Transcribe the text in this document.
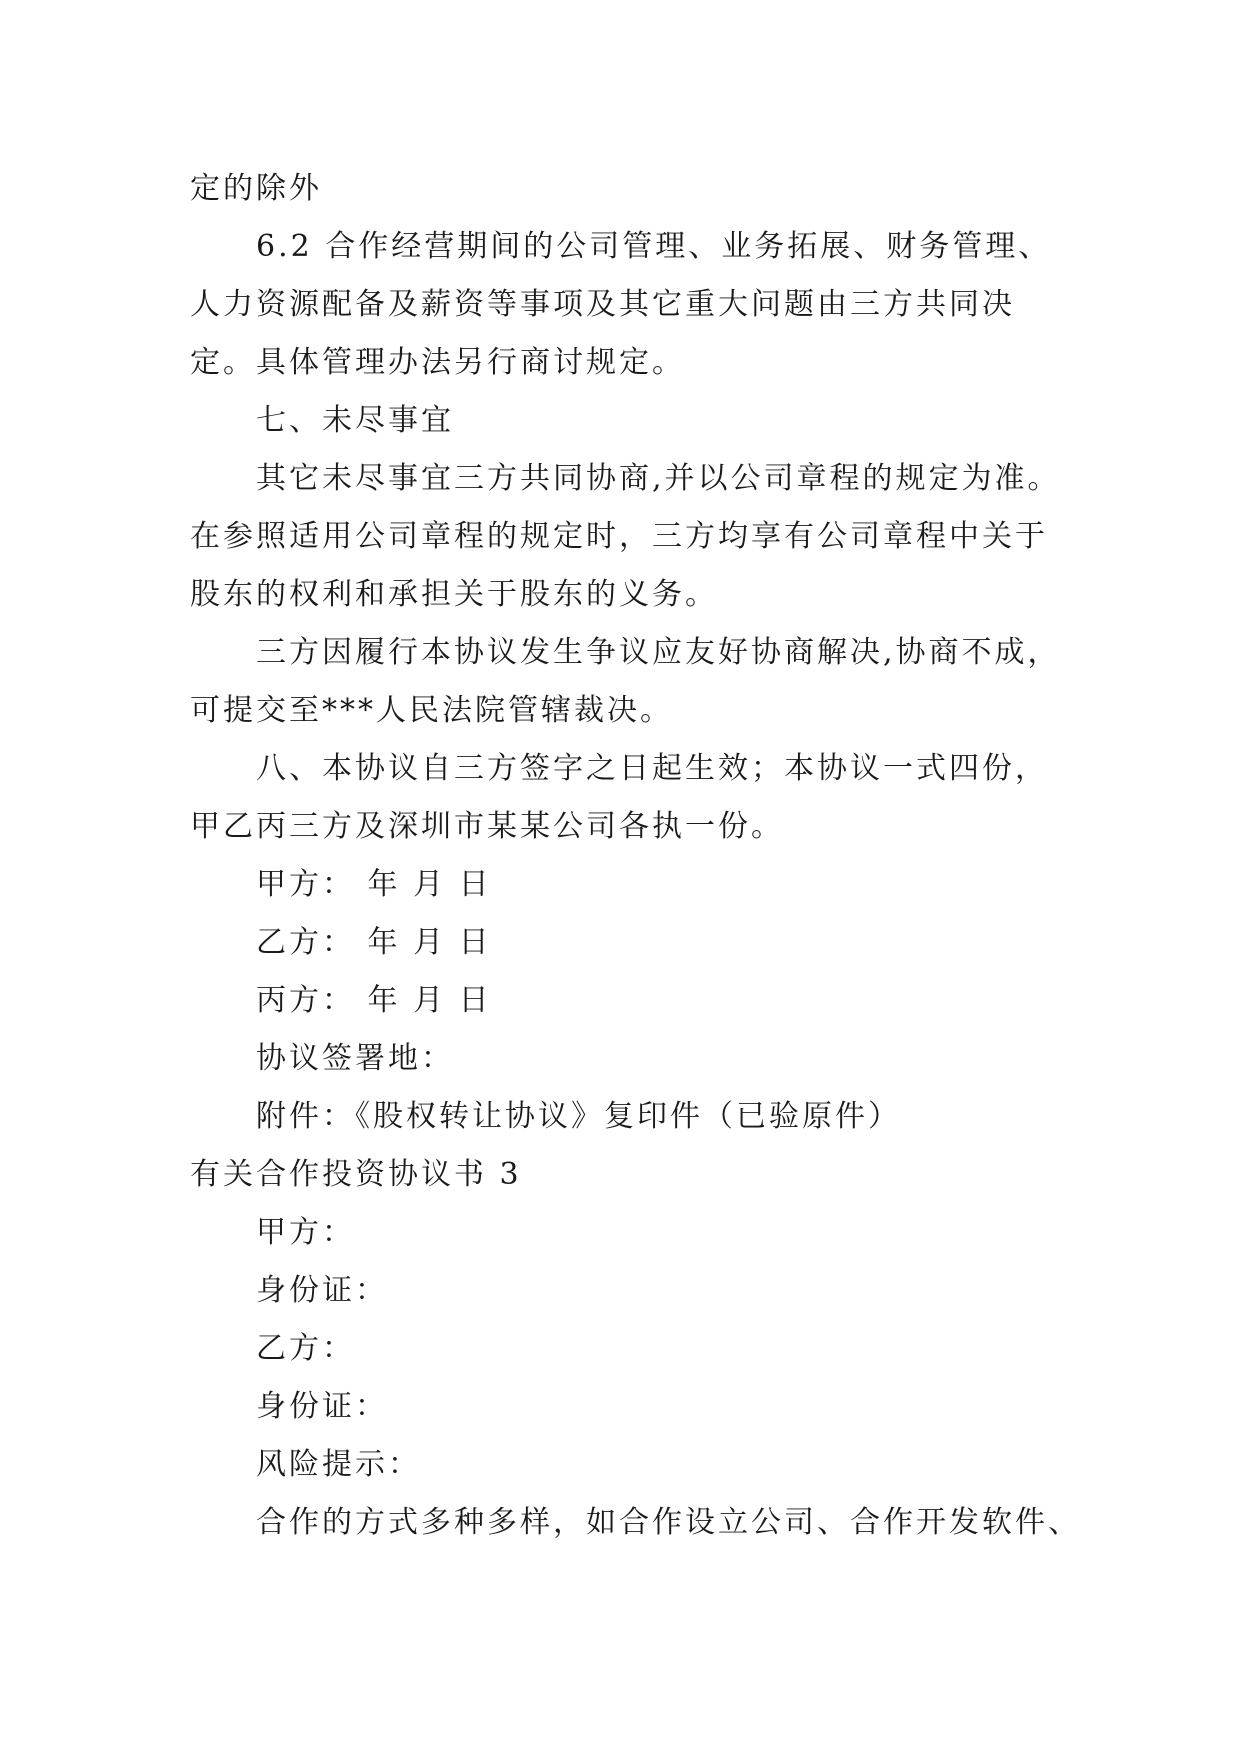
定的除外
6.2 合作经营期间的公司管理、业务拓展、财务管理、
人力资源配备及薪资等事项及其它重大问题由三方共同决
定。具体管理办法另行商讨规定。
七、未尽事宜
其它未尽事宜三方共同协商,并以公司章程的规定为准。
在参照适用公司章程的规定时，三方均享有公司章程中关于
股东的权利和承担关于股东的义务。
三方因履行本协议发生争议应友好协商解决,协商不成，
可提交至***人民法院管辖裁决。
八、本协议自三方签字之日起生效；本协议一式四份，
甲乙丙三方及深圳市某某公司各执一份。
甲方： 年 月 日
乙方： 年 月 日
丙方： 年 月 日
协议签署地：
附件：《股权转让协议》复印件（已验原件）
有关合作投资协议书 3
甲方：
身份证：
乙方：
身份证：
风险提示：
合作的方式多种多样，如合作设立公司、合作开发软件、
